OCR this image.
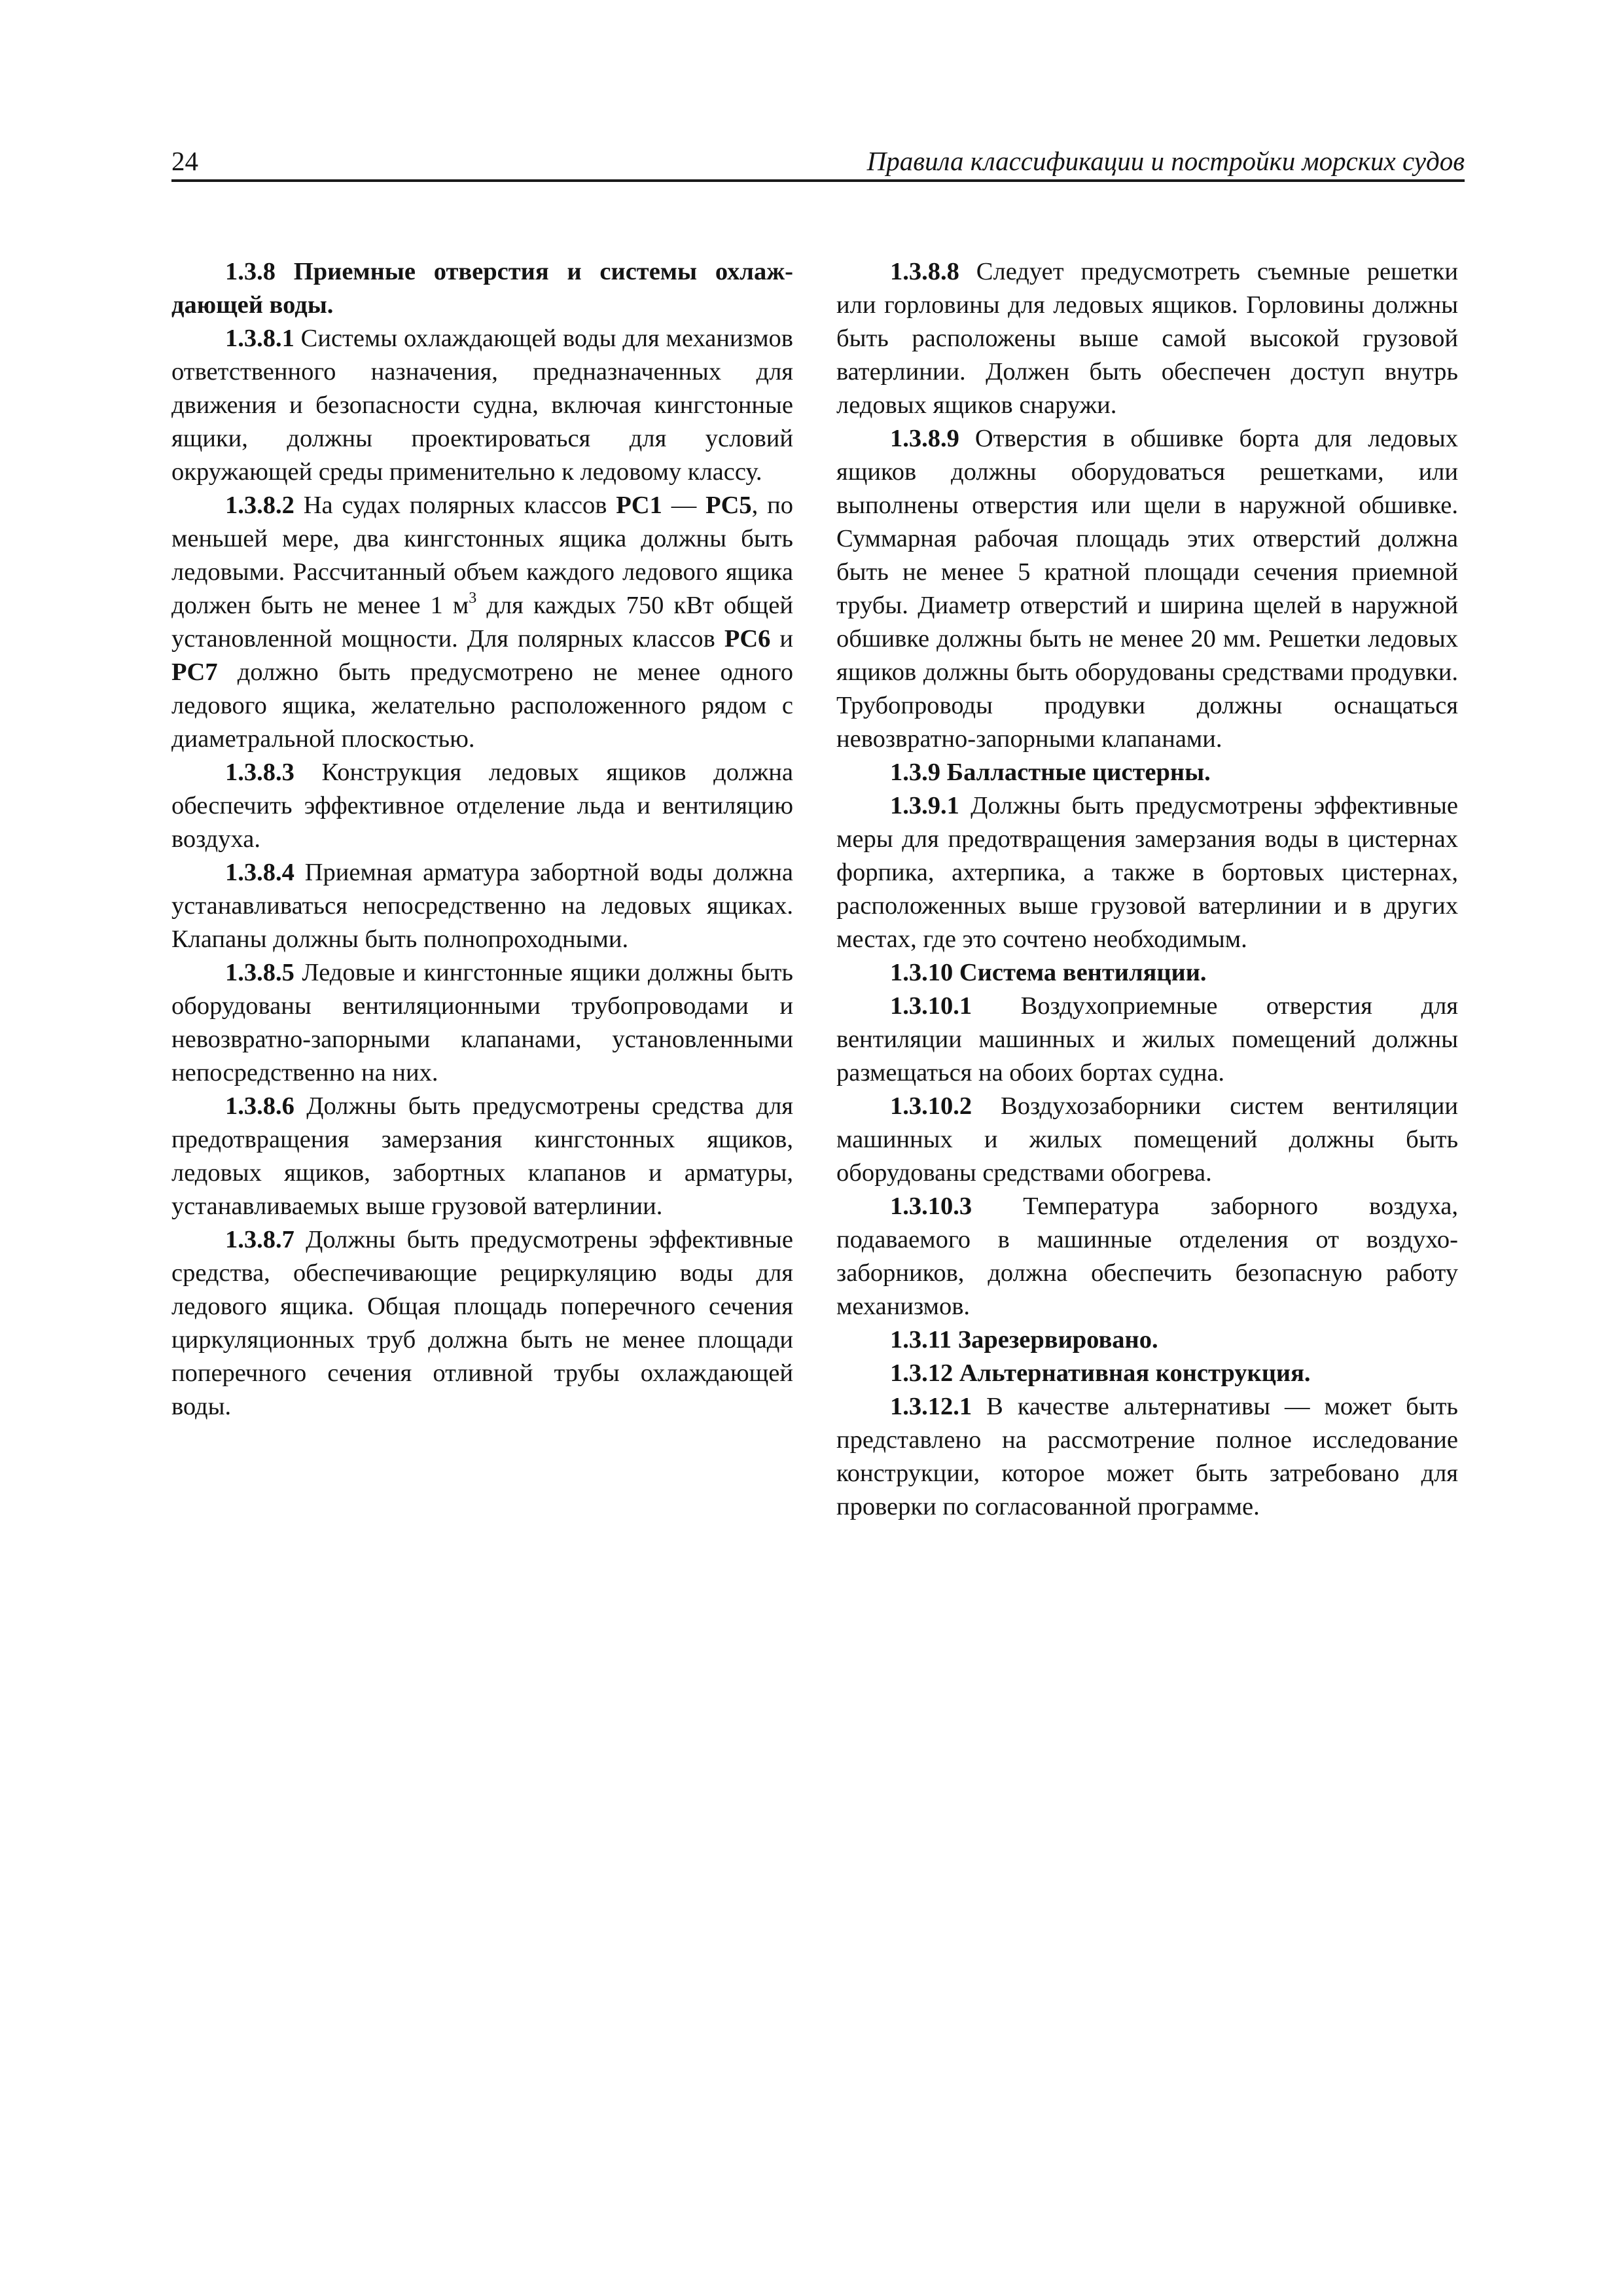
24	Правила классификации и постройки морских судов

1.3.8 Приемные отверстия и системы охлаждающей воды.

1.3.8.1 Системы охлаждающей воды для механизмов ответственного назначения, предназначенных для движения и безопасности судна, включая кингстонные ящики, должны проектироваться для условий окружающей среды применительно к ледовому классу.

1.3.8.2 На судах полярных классов PC1 — PC5, по меньшей мере, два кингстонных ящика должны быть ледовыми. Рассчитанный объем каждого ледового ящика должен быть не менее 1 $м^3$ для каждых 750 кВт общей установленной мощности. Для полярных классов PC6 и PC7 должно быть предусмотрено не менее одного ледового ящика, желательно расположенного рядом с диаметральной плоскостью.

1.3.8.3 Конструкция ледовых ящиков должна обеспечить эффективное отделение льда и вентиляцию воздуха.

1.3.8.4 Приемная арматура забортной воды должна устанавливаться непосредственно на ледовых ящиках. Клапаны должны быть полнопроходными.

1.3.8.5 Ледовые и кингстонные ящики должны быть оборудованы вентиляционными трубопроводами и невозвратно-запорными клапанами, установленными непосредственно на них.

1.3.8.6 Должны быть предусмотрены средства для предотвращения замерзания кингстонных ящиков, ледовых ящиков, забортных клапанов и арматуры, устанавливаемых выше грузовой ватерлинии.

1.3.8.7 Должны быть предусмотрены эффективные средства, обеспечивающие рециркуляцию воды для ледового ящика. Общая площадь поперечного сечения циркуляционных труб должна быть не менее площади поперечного сечения отливной трубы охлаждающей воды.

1.3.8.8 Следует предусмотреть съемные решетки или горловины для ледовых ящиков. Горловины должны быть расположены выше самой высокой грузовой ватерлинии. Должен быть обеспечен доступ внутрь ледовых ящиков снаружи.

1.3.8.9 Отверстия в обшивке борта для ледовых ящиков должны оборудоваться решетками, или выполнены отверстия или щели в наружной обшивке. Суммарная рабочая площадь этих отверстий должна быть не менее 5 кратной площади сечения приемной трубы. Диаметр отверстий и ширина щелей в наружной обшивке должны быть не менее 20 мм. Решетки ледовых ящиков должны быть оборудованы средствами продувки. Трубопроводы продувки должны оснащаться невозвратно-запорными клапанами.

1.3.9 Балластные цистерны.

1.3.9.1 Должны быть предусмотрены эффективные меры для предотвращения замерзания воды в цистернах форпика, ахтерпика, а также в бортовых цистернах, расположенных выше грузовой ватерлинии и в других местах, где это сочтено необходимым.

1.3.10 Система вентиляции.

1.3.10.1 Воздухоприемные отверстия для вентиляции машинных и жилых помещений должны размещаться на обоих бортах судна.

1.3.10.2 Воздухозаборники систем вентиляции машинных и жилых помещений должны быть оборудованы средствами обогрева.

1.3.10.3 Температура заборного воздуха, подаваемого в машинные отделения от воздухозаборников, должна обеспечить безопасную работу механизмов.

1.3.11 Зарезервировано.

1.3.12 Альтернативная конструкция.

1.3.12.1 В качестве альтернативы — может быть представлено на рассмотрение полное исследование конструкции, которое может быть затребовано для проверки по согласованной программе.
